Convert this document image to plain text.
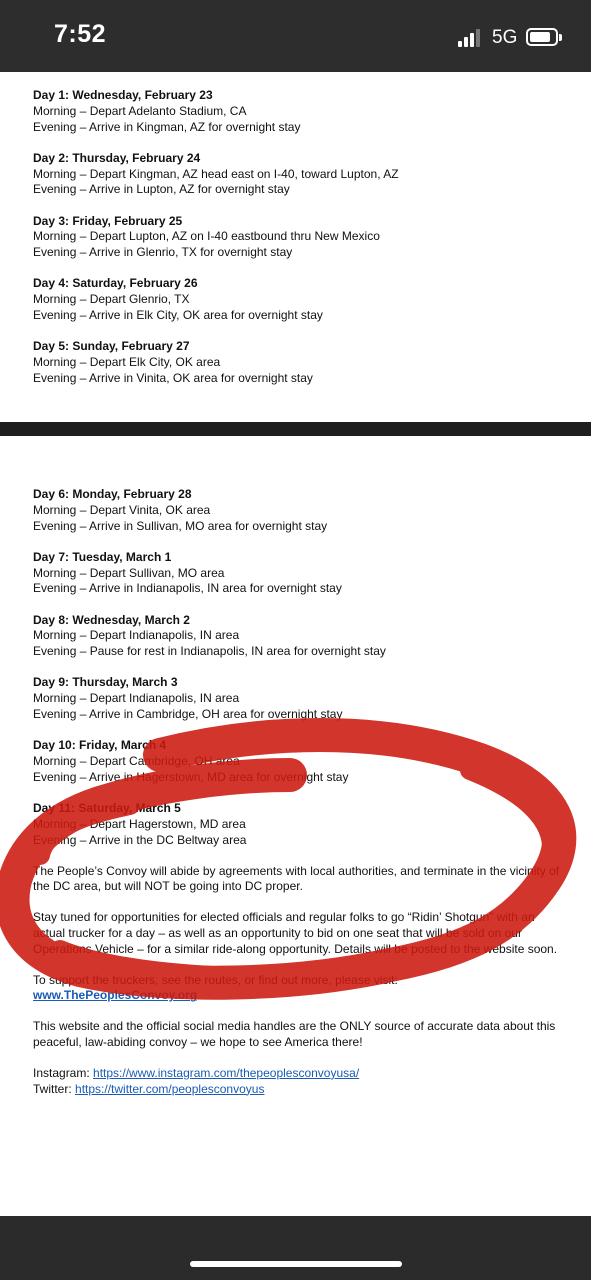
7:52	5G
Day 1: Wednesday, February 23
Morning – Depart Adelanto Stadium, CA
Evening – Arrive in Kingman, AZ for overnight stay
Day 2: Thursday, February 24
Morning – Depart Kingman, AZ head east on I-40, toward Lupton, AZ
Evening – Arrive in Lupton, AZ for overnight stay
Day 3: Friday, February 25
Morning – Depart Lupton, AZ on I-40 eastbound thru New Mexico
Evening – Arrive in Glenrio, TX for overnight stay
Day 4: Saturday, February 26
Morning – Depart Glenrio, TX
Evening – Arrive in Elk City, OK area for overnight stay
Day 5: Sunday, February 27
Morning – Depart Elk City, OK area
Evening – Arrive in Vinita, OK area for overnight stay
Day 6: Monday, February 28
Morning – Depart Vinita, OK area
Evening – Arrive in Sullivan, MO area for overnight stay
Day 7: Tuesday, March 1
Morning – Depart Sullivan, MO area
Evening – Arrive in Indianapolis, IN area for overnight stay
Day 8: Wednesday, March 2
Morning – Depart Indianapolis, IN area
Evening – Pause for rest in Indianapolis, IN area for overnight stay
Day 9: Thursday, March 3
Morning – Depart Indianapolis, IN area
Evening – Arrive in Cambridge, OH area for overnight stay
Day 10: Friday, March 4
Morning – Depart Cambridge, OH area
Evening – Arrive in Hagerstown, MD area for overnight stay
Day 11: Saturday, March 5
Morning – Depart Hagerstown, MD area
Evening – Arrive in the DC Beltway area
The People’s Convoy will abide by agreements with local authorities, and terminate in the vicinity of the DC area, but will NOT be going into DC proper.
Stay tuned for opportunities for elected officials and regular folks to go “Ridin’ Shotgun” with an actual trucker for a day – as well as an opportunity to bid on one seat that will be sold on our Operations Vehicle – for a similar ride-along opportunity. Details will be posted to the website soon.
To support the truckers, see the routes, or find out more, please visit: www.ThePeoplesConvoy.org
This website and the official social media handles are the ONLY source of accurate data about this peaceful, law-abiding convoy – we hope to see America there!
Instagram: https://www.instagram.com/thepeoplesconvoyusa/
Twitter: https://twitter.com/peoplesconvoyus
